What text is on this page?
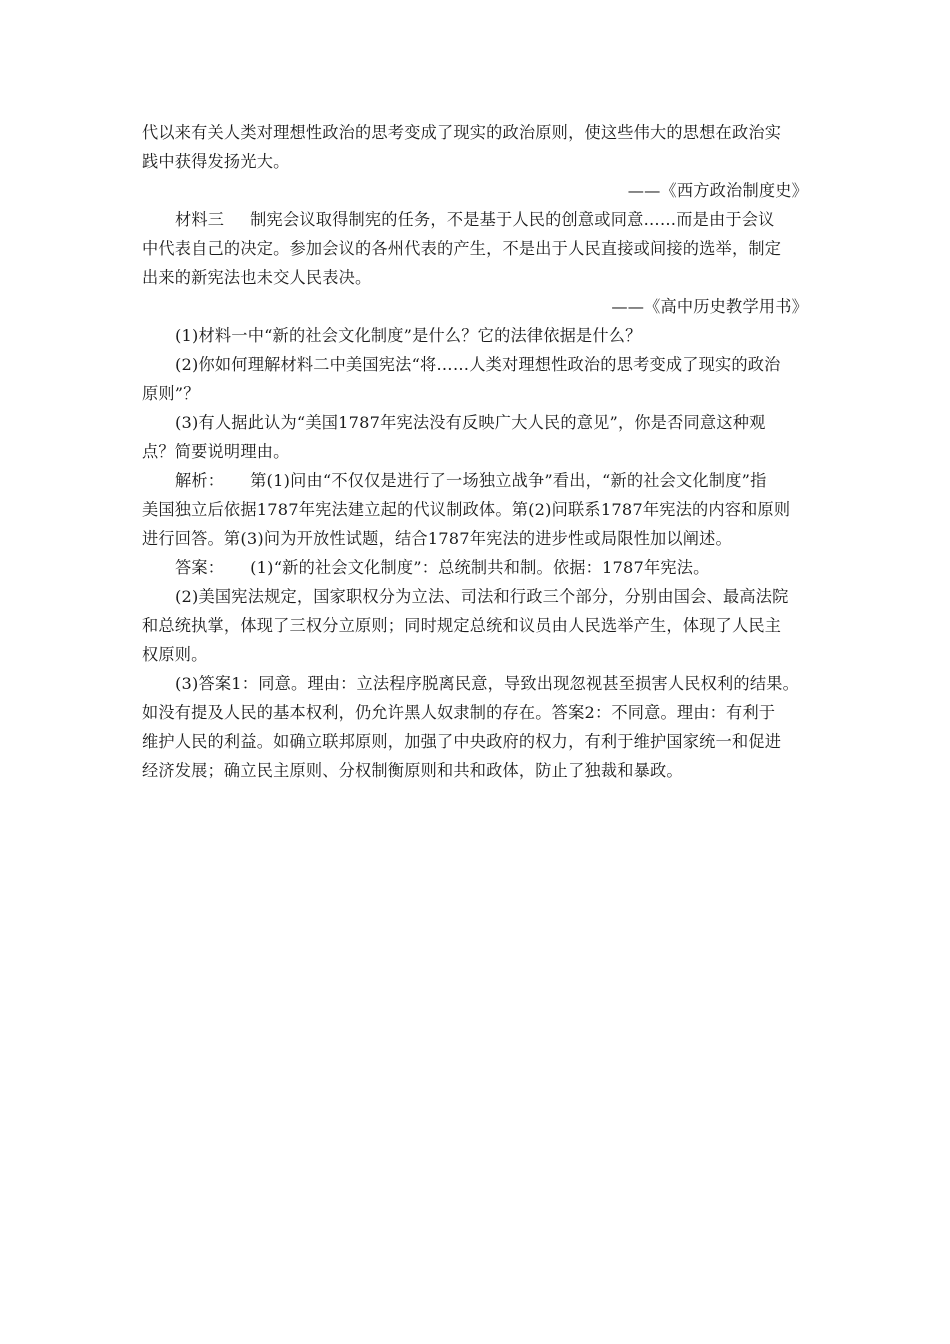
代以来有关人类对理想性政治的思考变成了现实的政治原则，使这些伟大的思想在政治实
践中获得发扬光大。
——《西方政治制度史》
材料三 制宪会议取得制宪的任务，不是基于人民的创意或同意……而是由于会议
中代表自己的决定。参加会议的各州代表的产生，不是出于人民直接或间接的选举，制定
出来的新宪法也未交人民表决。
——《高中历史教学用书》
(1)材料一中“新的社会文化制度”是什么？它的法律依据是什么？
(2)你如何理解材料二中美国宪法“将……人类对理想性政治的思考变成了现实的政治
原则”？
(3)有人据此认为“美国1787年宪法没有反映广大人民的意见”，你是否同意这种观
点？简要说明理由。
解析： 第(1)问由“不仅仅是进行了一场独立战争”看出，“新的社会文化制度”指
美国独立后依据1787年宪法建立起的代议制政体。第(2)问联系1787年宪法的内容和原则
进行回答。第(3)问为开放性试题，结合1787年宪法的进步性或局限性加以阐述。
答案： (1)“新的社会文化制度”：总统制共和制。依据：1787年宪法。
(2)美国宪法规定，国家职权分为立法、司法和行政三个部分，分别由国会、最高法院
和总统执掌，体现了三权分立原则；同时规定总统和议员由人民选举产生，体现了人民主
权原则。
(3)答案1：同意。理由：立法程序脱离民意，导致出现忽视甚至损害人民权利的结果。
如没有提及人民的基本权利，仍允许黑人奴隶制的存在。答案2：不同意。理由：有利于
维护人民的利益。如确立联邦原则，加强了中央政府的权力，有利于维护国家统一和促进
经济发展；确立民主原则、分权制衡原则和共和政体，防止了独裁和暴政。
